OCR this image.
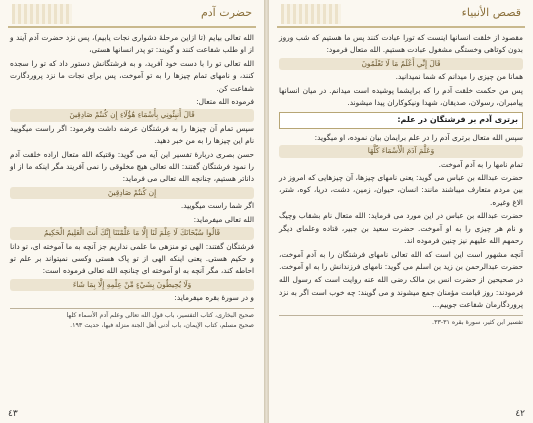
حضرت آدم

الله تعالی بیایم (تا ازاین مرحلهٔ دشواری نجات یابیم)، پس نزد حضرت آدم آیند و از او طلب شفاعت کنند و گویند: تو پدر انسانها هستی،

الله تعالی تو را با دست خود آفرید، و به فرشتگانش دستور داد که تو را سجده کنند، و نامهای تمام چیزها را به تو آموخت، پس برای نجات ما نزد پروردگارت شفاعت کن.

فرموده الله متعال:

قَالَ أَنبِئُونِي بِأَسْمَاءِ هَٰؤُلَاءِ إِن كُنتُمْ صَادِقِينَ

سپس تمام آن چیزها را به فرشتگان عرضه داشت وفرمود: اگر راست میگویید نام این چیزها را به من خبر دهید.

حسن بصری دربارهٔ تفسیر این آیه می گوید: وقتیکه الله متعال اراده خلقت آدم را نمود فرشتگان گفتند: الله تعالی هیچ مخلوقی را نمی آفریند مگر اینکه ما از او داناتر هستیم، چنانچه الله تعالی می فرماید:

إِن كُنتُمْ صَادِقِينَ

اگر شما راست میگویید.

الله تعالی میفرماید:

قَالُوا سُبْحَانَكَ لَا عِلْمَ لَنَا إِلَّا مَا عَلَّمْتَنَا إِنَّكَ أَنتَ الْعَلِيمُ الْحَكِيمُ

فرشتگان گفتند: الهی تو منزهی ما علمی نداریم جز آنچه به ما آموخته ای، تو دانا و حکیم هستی. یعنی اینکه الهی از تو پاک هستی وکسی نمیتواند بر علم تو احاطه کند، مگر آنچه به او آموخته ای چنانچه الله تعالی فرموده است:

وَلَا يُحِيطُونَ بِشَيْءٍ مِّنْ عِلْمِهِ إِلَّا بِمَا شَاءَ

و در سورهٔ بقره میفرماید:

صحیح البخاری، کتاب التفسیر، باب قول الله تعالی وعلم آدم الأسماء کلها
صحیح مسلم، کتاب الإیمان، باب أدنی أهل الجنة منزلة فیها، حدیث ۱۹۳.
٤٣
قصص الأنبیاء

مقصود از خلقت انسانها اینست که تورا عبادت کنند پس ما هستیم که شب وروز بدون کوتاهی وخستگی مشغول عبادت هستیم. الله متعال فرمود:

قَالَ إِنِّي أَعْلَمُ مَا لَا تَعْلَمُونَ

همانا من چیزی را میدانم که شما نمیدانید.

پس من حکمت خلقت آدم را که برایشما پوشیده است میدانم. در میان انسانها پیامبران، رسولان، صدیقان، شهدا ونیکوکاران پیدا میشوند.

برتری آدم بر فرشتگان در علم:

سپس الله متعال برتری آدم را در علم برایمان بیان نموده، او میگوید:

وَعَلَّمَ آدَمَ الْأَسْمَاءَ كُلَّهَا

تمام نامها را به آدم آموخت.

حضرت عبدالله بن عباس می گوید: یعنی نامهای چیزها، آن چیزهایی که امروز در بین مردم متعارف میباشند مانند: انسان، حیوان، زمین، دشت، دریا، کوه، شتر، الاغ وغیره.

حضرت عبدالله بن عباس در این مورد می فرماید: الله متعال نام بشقاب وچیگ و نام هر چیزی را به او آموخت. حضرت سعید بن جبیر، قتاده وعلمای دیگر رحمهم الله علیهم نیز چنین فرموده اند.

آنچه مشهور است این است که الله تعالی نامهای فرشتگان را به آدم آموخت، حضرت عبدالرحمن بن زید بن اسلم می گوید: نامهای فرزندانش را به او آموخت.

در صحیحین از حضرت انس بن مالک رضی الله عنه روایت است که رسول الله فرمودند: روز قیامت مؤمنان جمع میشوند و می گویند: چه خوب است اگر به نزد پروردگارمان شفاعت جوییم...

تفسیر ابن کثیر، سورهٔ بقره ۳۱-۳۳.
٤٢
